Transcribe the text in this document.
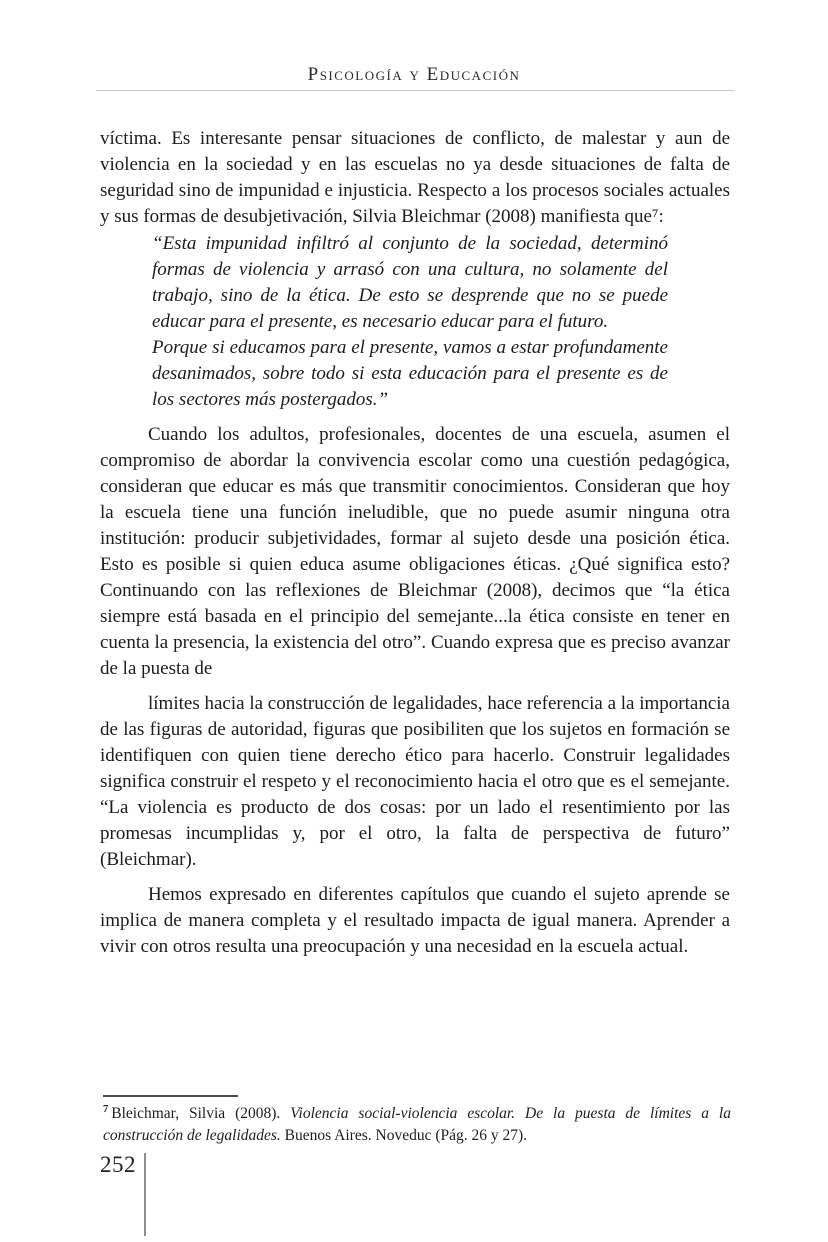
Psicología y Educación

víctima. Es interesante pensar situaciones de conflicto, de malestar y aun de violencia en la sociedad y en las escuelas no ya desde situaciones de falta de seguridad sino de impunidad e injusticia. Respecto a los procesos sociales actuales y sus formas de desubjetivación, Silvia Bleichmar (2008) manifiesta que⁷:

“Esta impunidad infiltró al conjunto de la sociedad, determinó formas de violencia y arrasó con una cultura, no solamente del trabajo, sino de la ética. De esto se desprende que no se puede educar para el presente, es necesario educar para el futuro.

Porque si educamos para el presente, vamos a estar profundamente desanimados, sobre todo si esta educación para el presente es de los sectores más postergados.”

Cuando los adultos, profesionales, docentes de una escuela, asumen el compromiso de abordar la convivencia escolar como una cuestión pedagógica, consideran que educar es más que transmitir conocimientos. Consideran que hoy la escuela tiene una función ineludible, que no puede asumir ninguna otra institución: producir subjetividades, formar al sujeto desde una posición ética. Esto es posible si quien educa asume obligaciones éticas. ¿Qué significa esto? Continuando con las reflexiones de Bleichmar (2008), decimos que “la ética siempre está basada en el principio del semejante...la ética consiste en tener en cuenta la presencia, la existencia del otro”. Cuando expresa que es preciso avanzar de la puesta de

límites hacia la construcción de legalidades, hace referencia a la importancia de las figuras de autoridad, figuras que posibiliten que los sujetos en formación se identifiquen con quien tiene derecho ético para hacerlo. Construir legalidades significa construir el respeto y el reconocimiento hacia el otro que es el semejante. “La violencia es producto de dos cosas: por un lado el resentimiento por las promesas incumplidas y, por el otro, la falta de perspectiva de futuro” (Bleichmar).

Hemos expresado en diferentes capítulos que cuando el sujeto aprende se implica de manera completa y el resultado impacta de igual manera. Aprender a vivir con otros resulta una preocupación y una necesidad en la escuela actual.

$^7$ Bleichmar, Silvia (2008). Violencia social-violencia escolar. De la puesta de límites a la construcción de legalidades. Buenos Aires. Noveduc (Pág. 26 y 27).
252
